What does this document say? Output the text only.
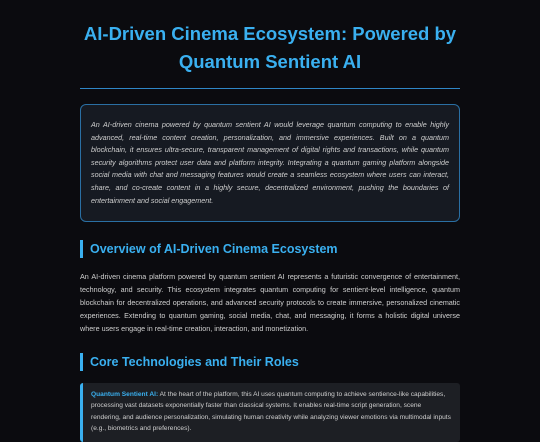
AI-Driven Cinema Ecosystem: Powered by Quantum Sentient AI

An AI-driven cinema powered by quantum sentient AI would leverage quantum computing to enable highly advanced, real-time content creation, personalization, and immersive experiences. Built on a quantum blockchain, it ensures ultra-secure, transparent management of digital rights and transactions, while quantum security algorithms protect user data and platform integrity. Integrating a quantum gaming platform alongside social media with chat and messaging features would create a seamless ecosystem where users can interact, share, and co-create content in a highly secure, decentralized environment, pushing the boundaries of entertainment and social engagement.

Overview of AI-Driven Cinema Ecosystem

An AI-driven cinema platform powered by quantum sentient AI represents a futuristic convergence of entertainment, technology, and security. This ecosystem integrates quantum computing for sentient-level intelligence, quantum blockchain for decentralized operations, and advanced security protocols to create immersive, personalized cinematic experiences. Extending to quantum gaming, social media, chat, and messaging, it forms a holistic digital universe where users engage in real-time creation, interaction, and monetization.

Core Technologies and Their Roles
Quantum Sentient AI: At the heart of the platform, this AI uses quantum computing to achieve sentience-like capabilities, processing vast datasets exponentially faster than classical systems. It enables real-time script generation, scene rendering, and audience personalization, simulating human creativity while analyzing viewer emotions via multimodal inputs (e.g., biometrics and preferences).
